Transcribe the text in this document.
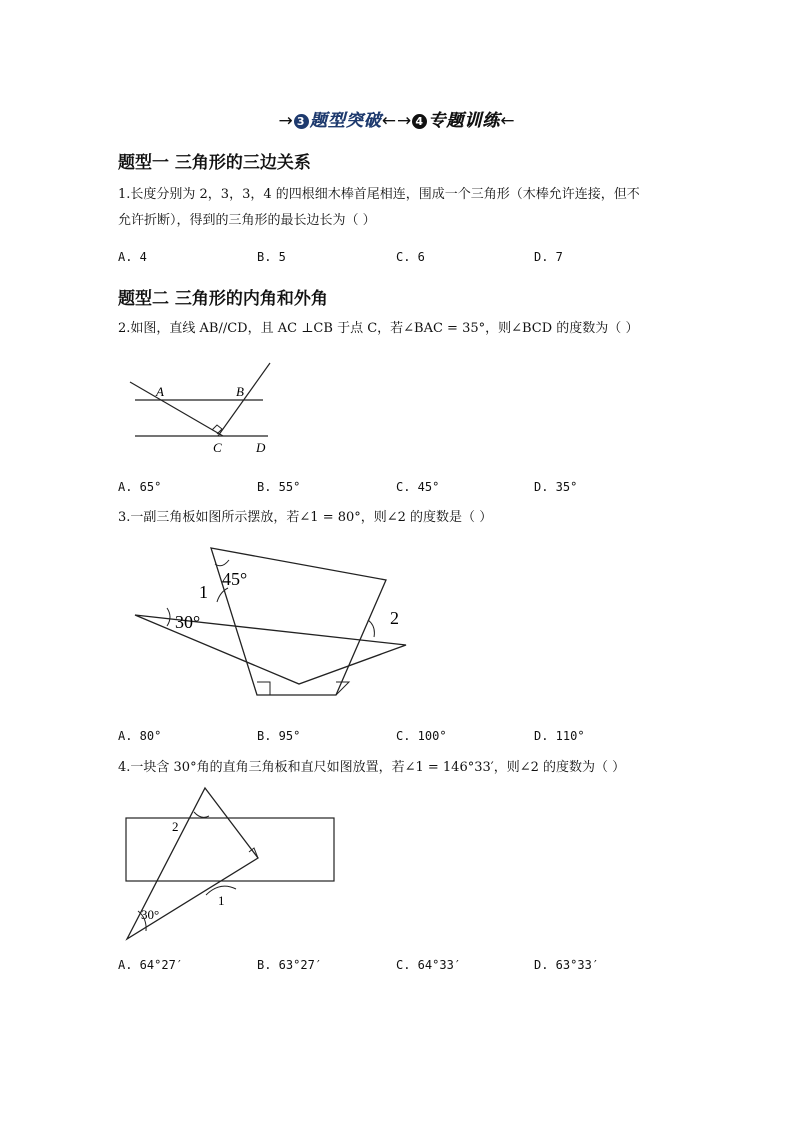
→ 3 题型突破←→ 4 专题训练←
题型一 三角形的三边关系
1.长度分别为 2，3，3，4 的四根细木棒首尾相连，围成一个三角形（木棒允许连接，但不
允许折断），得到的三角形的最长边长为（ ）
A. 4	B. 5	C. 6	D. 7
题型二 三角形的内角和外角
2.如图，直线 AB//CD，且 AC ⊥CB 于点 C，若∠BAC = 35°，则∠BCD 的度数为（ ）
A	B
C	D
A. 65°	B. 55°	C. 45°	D. 35°
3.一副三角板如图所示摆放，若∠1 = 80°，则∠2 的度数是（ ）
45°
30°
1
2
A. 80°	B. 95°	C. 100°	D. 110°
4.一块含 30°角的直角三角板和直尺如图放置，若∠1 = 146°33′，则∠2 的度数为（ ）
2
1
30°
A. 64°27′	B. 63°27′	C. 64°33′	D. 63°33′
